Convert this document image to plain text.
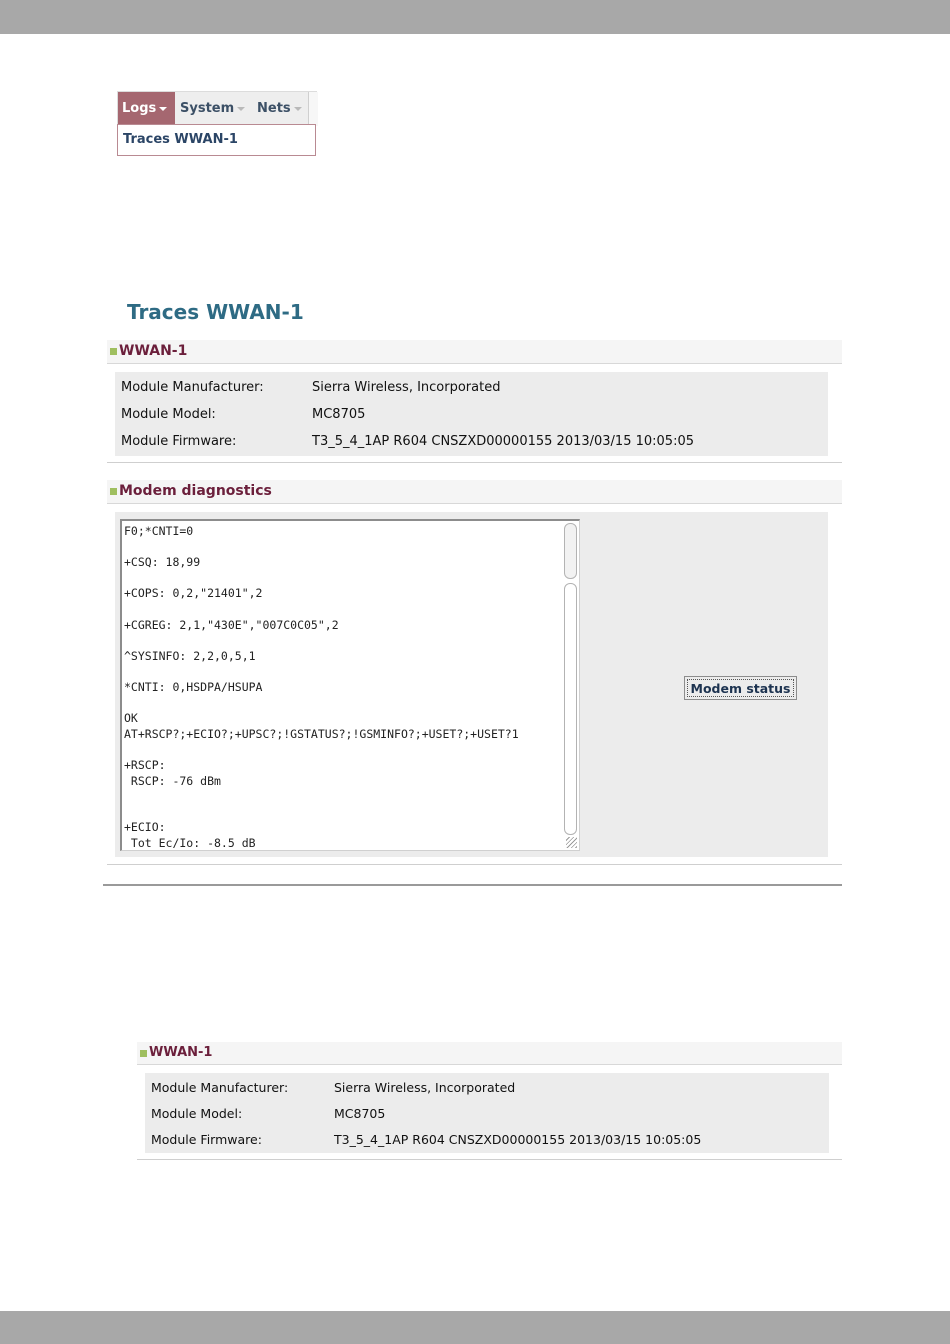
Logs	System	Nets
Traces WWAN-1
Traces WWAN-1
WWAN-1
Module Manufacturer:	Sierra Wireless, Incorporated
Module Model:	MC8705
Module Firmware:	T3_5_4_1AP R604 CNSZXD00000155 2013/03/15 10:05:05
Modem diagnostics
F0;*CNTI=0

+CSQ: 18,99

+COPS: 0,2,"21401",2

+CGREG: 2,1,"430E","007C0C05",2

^SYSINFO: 2,2,0,5,1

*CNTI: 0,HSDPA/HSUPA

OK
AT+RSCP?;+ECIO?;+UPSC?;!GSTATUS?;!GSMINFO?;+USET?;+USET?1

+RSCP:
RSCP: -76 dBm

+ECIO:
Tot Ec/Io: -8.5 dB
Modem status
WWAN-1
Module Manufacturer:	Sierra Wireless, Incorporated
Module Model:	MC8705
Module Firmware:	T3_5_4_1AP R604 CNSZXD00000155 2013/03/15 10:05:05
